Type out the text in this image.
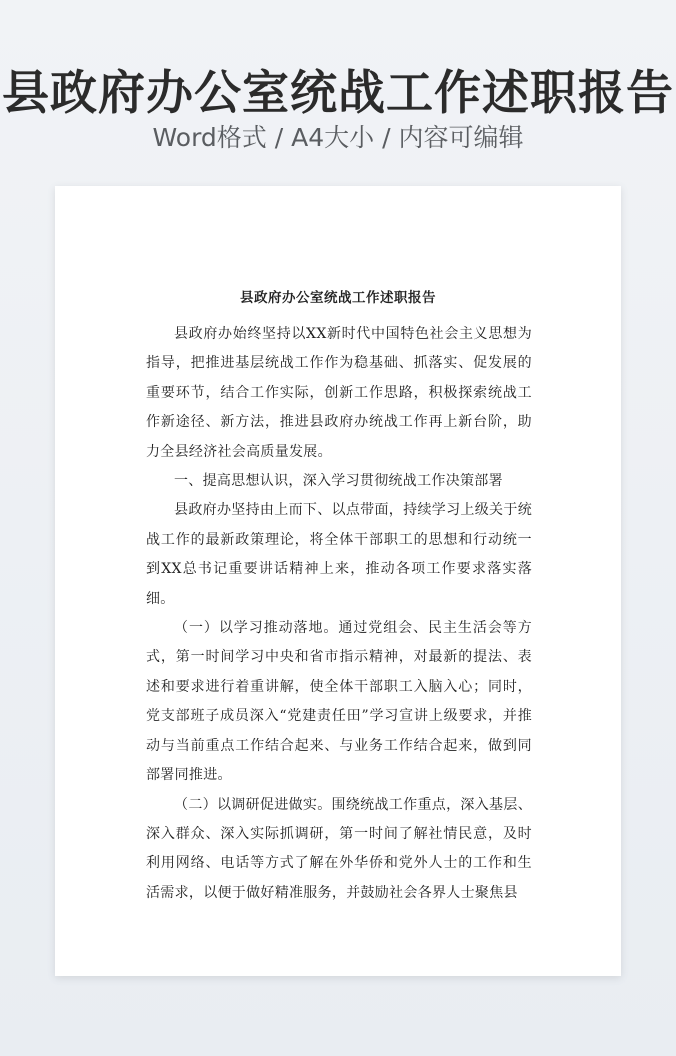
县政府办公室统战工作述职报告
Word格式 / A4大小 / 内容可编辑
县政府办公室统战工作述职报告

县政府办始终坚持以XX新时代中国特色社会主义思想为指导，把推进基层统战工作作为稳基础、抓落实、促发展的重要环节，结合工作实际，创新工作思路，积极探索统战工作新途径、新方法，推进县政府办统战工作再上新台阶，助力全县经济社会高质量发展。

一、提高思想认识，深入学习贯彻统战工作决策部署

县政府办坚持由上而下、以点带面，持续学习上级关于统战工作的最新政策理论，将全体干部职工的思想和行动统一到XX总书记重要讲话精神上来，推动各项工作要求落实落细。

（一）以学习推动落地。通过党组会、民主生活会等方式，第一时间学习中央和省市指示精神，对最新的提法、表述和要求进行着重讲解，使全体干部职工入脑入心；同时，党支部班子成员深入“党建责任田”学习宣讲上级要求，并推动与当前重点工作结合起来、与业务工作结合起来，做到同部署同推进。

（二）以调研促进做实。围绕统战工作重点，深入基层、深入群众、深入实际抓调研，第一时间了解社情民意，及时利用网络、电话等方式了解在外华侨和党外人士的工作和生活需求，以便于做好精准服务，并鼓励社会各界人士聚焦县
